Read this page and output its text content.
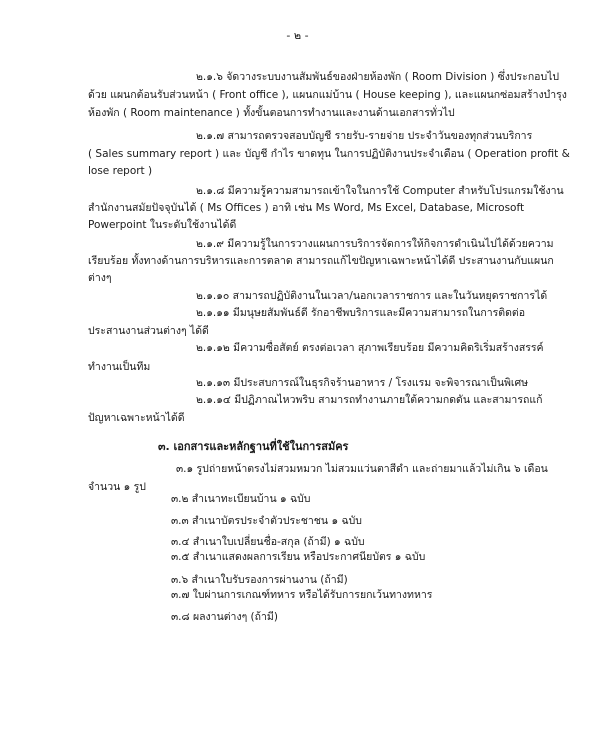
- ๒ -
๒.๑.๖ จัดวางระบบงานสัมพันธ์ของฝ่ายห้องพัก ( Room Division ) ซึ่งประกอบไป
ด้วย แผนกต้อนรับส่วนหน้า ( Front office ), แผนกแม่บ้าน ( House keeping ), และแผนกซ่อมสร้างบำรุง
ห้องพัก ( Room maintenance ) ทั้งขั้นตอนการทำงานและงานด้านเอกสารทั่วไป
๒.๑.๗ สามารถตรวจสอบบัญชี รายรับ-รายจ่าย ประจำวันของทุกส่วนบริการ
( Sales summary report ) และ บัญชี กำไร ขาดทุน ในการปฏิบัติงานประจำเดือน ( Operation profit &
lose report )
๒.๑.๘ มีความรู้ความสามารถเข้าใจในการใช้ Computer สำหรับโปรแกรมใช้งาน
สำนักงานสมัยปัจจุบันได้ ( Ms Offices ) อาทิ เช่น Ms Word, Ms Excel, Database, Microsoft
Powerpoint ในระดับใช้งานได้ดี
๒.๑.๙ มีความรู้ในการวางแผนการบริการจัดการให้กิจการดำเนินไปได้ด้วยความ
เรียบร้อย ทั้งทางด้านการบริหารและการตลาด สามารถแก้ไขปัญหาเฉพาะหน้าได้ดี ประสานงานกับแผนก
ต่างๆ
๒.๑.๑๐ สามารถปฏิบัติงานในเวลา/นอกเวลาราชการ และในวันหยุดราชการได้
๒.๑.๑๑ มีมนุษยสัมพันธ์ดี รักอาชีพบริการและมีความสามารถในการติดต่อ
ประสานงานส่วนต่างๆ ได้ดี
๒.๑.๑๒ มีความซื่อสัตย์ ตรงต่อเวลา สุภาพเรียบร้อย มีความคิดริเริ่มสร้างสรรค์
ทำงานเป็นทีม
๒.๑.๑๓ มีประสบการณ์ในธุรกิจร้านอาหาร / โรงแรม จะพิจารณาเป็นพิเศษ
๒.๑.๑๔ มีปฏิภาณไหวพริบ สามารถทำงานภายใต้ความกดดัน และสามารถแก้
ปัญหาเฉพาะหน้าได้ดี
๓. เอกสารและหลักฐานที่ใช้ในการสมัคร
๓.๑ รูปถ่ายหน้าตรงไม่สวมหมวก ไม่สวมแว่นตาสีดำ และถ่ายมาแล้วไม่เกิน ๖ เดือน
จำนวน ๑ รูป
๓.๒ สำเนาทะเบียนบ้าน ๑ ฉบับ
๓.๓ สำเนาบัตรประจำตัวประชาชน ๑ ฉบับ
๓.๔ สำเนาใบเปลี่ยนชื่อ-สกุล (ถ้ามี) ๑ ฉบับ
๓.๕ สำเนาแสดงผลการเรียน หรือประกาศนียบัตร ๑ ฉบับ
๓.๖ สำเนาใบรับรองการผ่านงาน (ถ้ามี)
๓.๗ ใบผ่านการเกณฑ์ทหาร หรือได้รับการยกเว้นทางทหาร
๓.๘ ผลงานต่างๆ (ถ้ามี)
